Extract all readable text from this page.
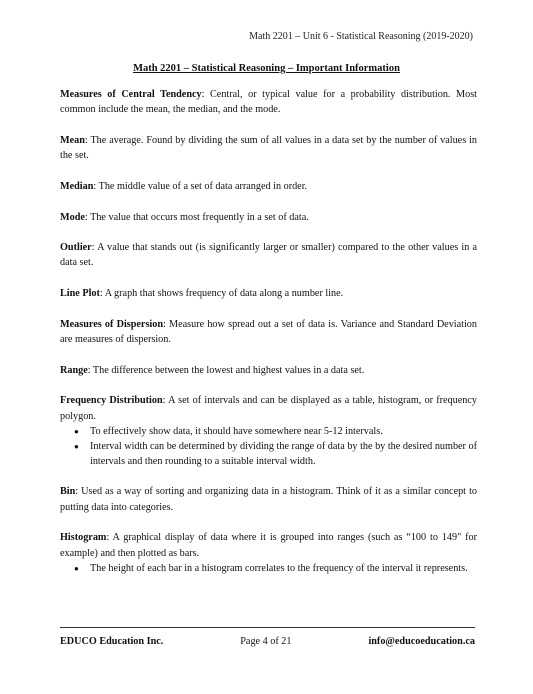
Math 2201 – Unit 6 - Statistical Reasoning (2019-2020)
Math 2201 – Statistical Reasoning – Important Information

Measures of Central Tendency: Central, or typical value for a probability distribution. Most common include the mean, the median, and the mode.

Mean: The average. Found by dividing the sum of all values in a data set by the number of values in the set.

Median: The middle value of a set of data arranged in order.

Mode: The value that occurs most frequently in a set of data.

Outlier: A value that stands out (is significantly larger or smaller) compared to the other values in a data set.

Line Plot: A graph that shows frequency of data along a number line.

Measures of Dispersion: Measure how spread out a set of data is. Variance and Standard Deviation are measures of dispersion.

Range: The difference between the lowest and highest values in a data set.

Frequency Distribution: A set of intervals and can be displayed as a table, histogram, or frequency polygon.

● To effectively show data, it should have somewhere near 5-12 intervals.
● Interval width can be determined by dividing the range of data by the by the desired number of intervals and then rounding to a suitable interval width.

Bin: Used as a way of sorting and organizing data in a histogram. Think of it as a similar concept to putting data into categories.

Histogram: A graphical display of data where it is grouped into ranges (such as “100 to 149" for example) and then plotted as bars.

● The height of each bar in a histogram correlates to the frequency of the interval it represents.
EDUCO Education Inc.	Page 4 of 21	info@educoeducation.ca
